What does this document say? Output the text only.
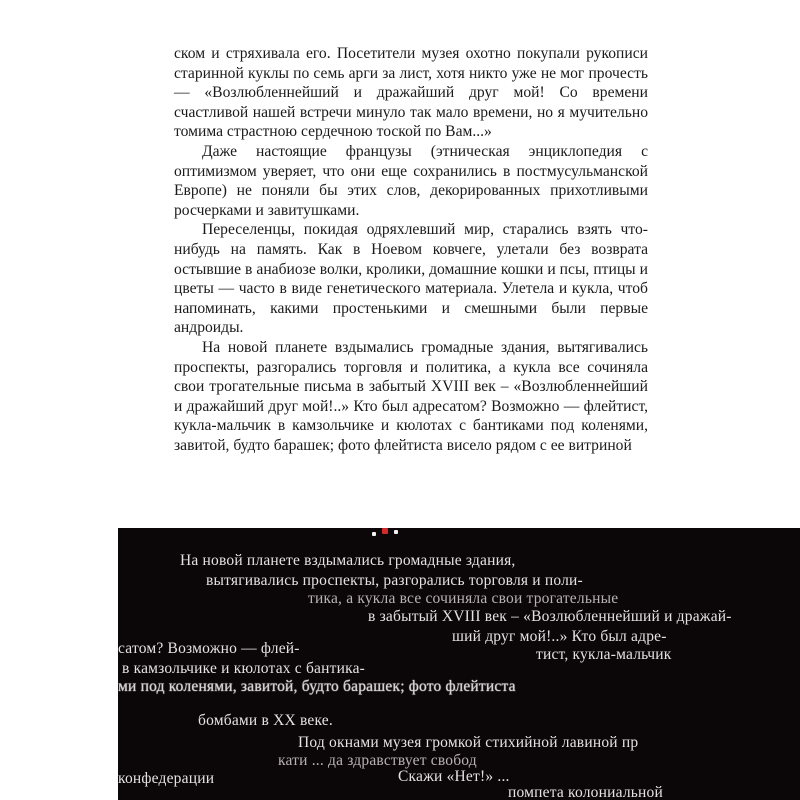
ском и стряхивала его. Посетители музея охотно покупали рукописи старинной куклы по семь арги за лист, хотя никто уже не мог прочесть — «Возлюбленнейший и дражайший друг мой! Со времени счастливой нашей встречи минуло так мало времени, но я мучительно томима страстною сердечною тоской по Вам...»

Даже настоящие французы (этническая энциклопедия с оптимизмом уверяет, что они еще сохранились в постмусульманской Европе) не поняли бы этих слов, декорированных прихотливыми росчерками и завитушками.

Переселенцы, покидая одряхлевший мир, старались взять что-нибудь на память. Как в Ноевом ковчеге, улетали без возврата остывшие в анабиозе волки, кролики, домашние кошки и псы, птицы и цветы — часто в виде генетического материала. Улетела и кукла, чтоб напоминать, какими простенькими и смешными были первые андроиды.

На новой планете вздымались громадные здания, вытягивались проспекты, разгорались торговля и политика, а кукла все сочиняла свои трогательные письма в забытый XVIII век – «Возлюбленнейший и дражайший друг мой!..» Кто был адресатом? Возможно — флейтист, кукла-мальчик в камзольчике и кюлотах с бантиками под коленями, завитой, будто барашек; фото флейтиста виcело рядом с ее витриной

На новой планете вздымались громадные здания,
вытягивались проспекты, разгорались торговля и поли-
тика, а кукла все сочиняла свои трогательные
в забытый XVIII век – «Возлюбленнейший и дражай-
ший друг мой!..» Кто был адре-
сатом? Возможно — флей-	тист, кукла-мальчик
в камзольчике и кюлотах с бантика-
ми под коленями, завитой, будто барашек; фото флейтиста
бомбами в XX веке.
Под окнами музея громкой стихийной лавиной пр
кати ... да здравствует свобод
Скажи «Нет!» ...
конфедерации
помпета колониальной
